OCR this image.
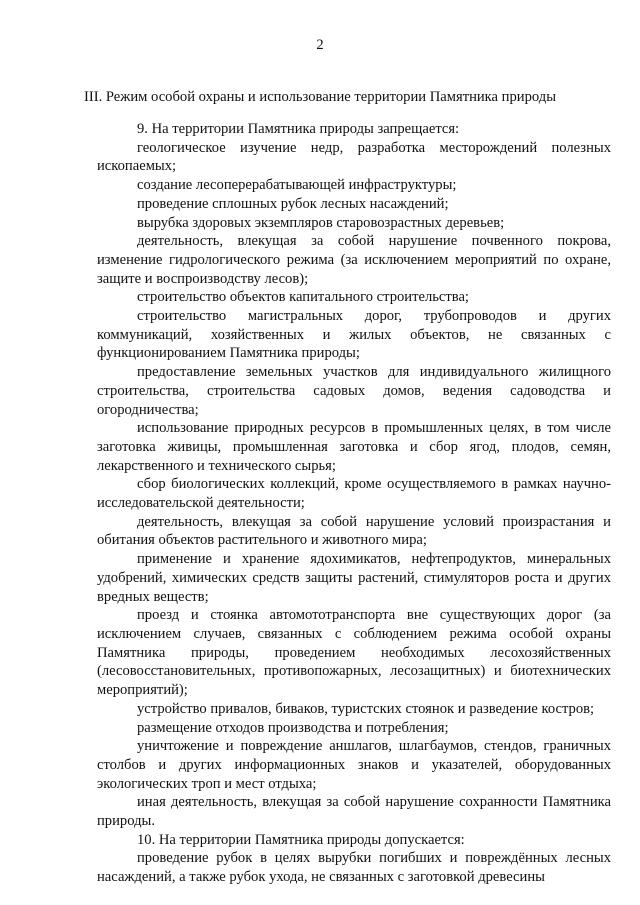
2
III. Режим особой охраны и использование территории Памятника природы

9. На территории Памятника природы запрещается:

геологическое изучение недр, разработка месторождений полезных ископаемых;

создание лесоперерабатывающей инфраструктуры;

проведение сплошных рубок лесных насаждений;

вырубка здоровых экземпляров старовозрастных деревьев;

деятельность, влекущая за собой нарушение почвенного покрова, изменение гидрологического режима (за исключением мероприятий по охране, защите и воспроизводству лесов);

строительство объектов капитального строительства;

строительство магистральных дорог, трубопроводов и других коммуникаций, хозяйственных и жилых объектов, не связанных с функционированием Памятника природы;

предоставление земельных участков для индивидуального жилищного строительства, строительства садовых домов, ведения садоводства и огородничества;

использование природных ресурсов в промышленных целях, в том числе заготовка живицы, промышленная заготовка и сбор ягод, плодов, семян, лекарственного и технического сырья;

сбор биологических коллекций, кроме осуществляемого в рамках научно-исследовательской деятельности;

деятельность, влекущая за собой нарушение условий произрастания и обитания объектов растительного и животного мира;

применение и хранение ядохимикатов, нефтепродуктов, минеральных удобрений, химических средств защиты растений, стимуляторов роста и других вредных веществ;

проезд и стоянка автомототранспорта вне существующих дорог (за исключением случаев, связанных с соблюдением режима особой охраны Памятника природы, проведением необходимых лесохозяйственных (лесовосстановительных, противопожарных, лесозащитных) и биотехнических мероприятий);

устройство привалов, биваков, туристских стоянок и разведение костров;

размещение отходов производства и потребления;

уничтожение и повреждение аншлагов, шлагбаумов, стендов, граничных столбов и других информационных знаков и указателей, оборудованных экологических троп и мест отдыха;

иная деятельность, влекущая за собой нарушение сохранности Памятника природы.

10. На территории Памятника природы допускается:

проведение рубок в целях вырубки погибших и повреждённых лесных насаждений, а также рубок ухода, не связанных с заготовкой древесины
